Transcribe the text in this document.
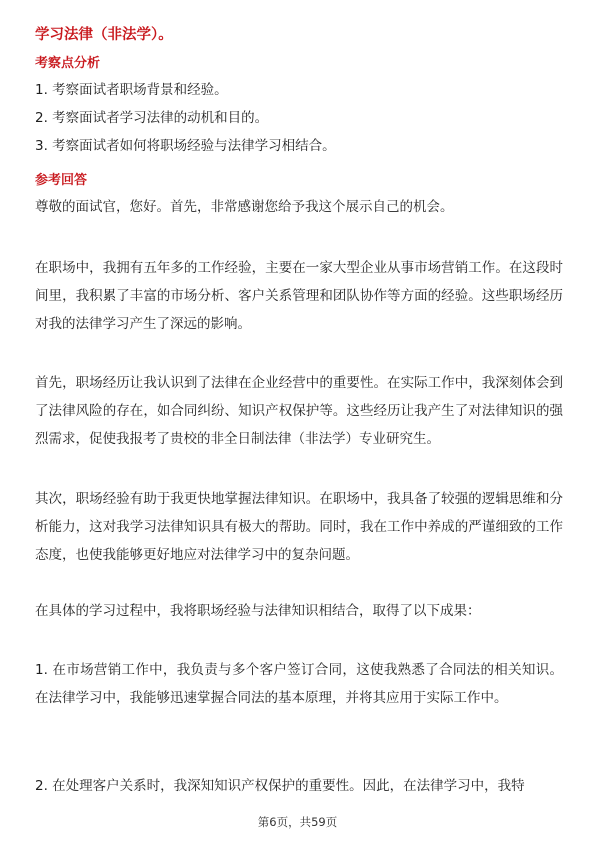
学习法律（非法学）。
考察点分析
1. 考察面试者职场背景和经验。
2. 考察面试者学习法律的动机和目的。
3. 考察面试者如何将职场经验与法律学习相结合。
参考回答
尊敬的面试官，您好。首先，非常感谢您给予我这个展示自己的机会。
在职场中，我拥有五年多的工作经验，主要在一家大型企业从事市场营销工作。在这段时间里，我积累了丰富的市场分析、客户关系管理和团队协作等方面的经验。这些职场经历对我的法律学习产生了深远的影响。
首先，职场经历让我认识到了法律在企业经营中的重要性。在实际工作中，我深刻体会到了法律风险的存在，如合同纠纷、知识产权保护等。这些经历让我产生了对法律知识的强烈需求，促使我报考了贵校的非全日制法律（非法学）专业研究生。
其次，职场经验有助于我更快地掌握法律知识。在职场中，我具备了较强的逻辑思维和分析能力，这对我学习法律知识具有极大的帮助。同时，我在工作中养成的严谨细致的工作态度，也使我能够更好地应对法律学习中的复杂问题。
在具体的学习过程中，我将职场经验与法律知识相结合，取得了以下成果：
1. 在市场营销工作中，我负责与多个客户签订合同，这使我熟悉了合同法的相关知识。在法律学习中，我能够迅速掌握合同法的基本原理，并将其应用于实际工作中。
2. 在处理客户关系时，我深知知识产权保护的重要性。因此，在法律学习中，我特
第6页，共59页
